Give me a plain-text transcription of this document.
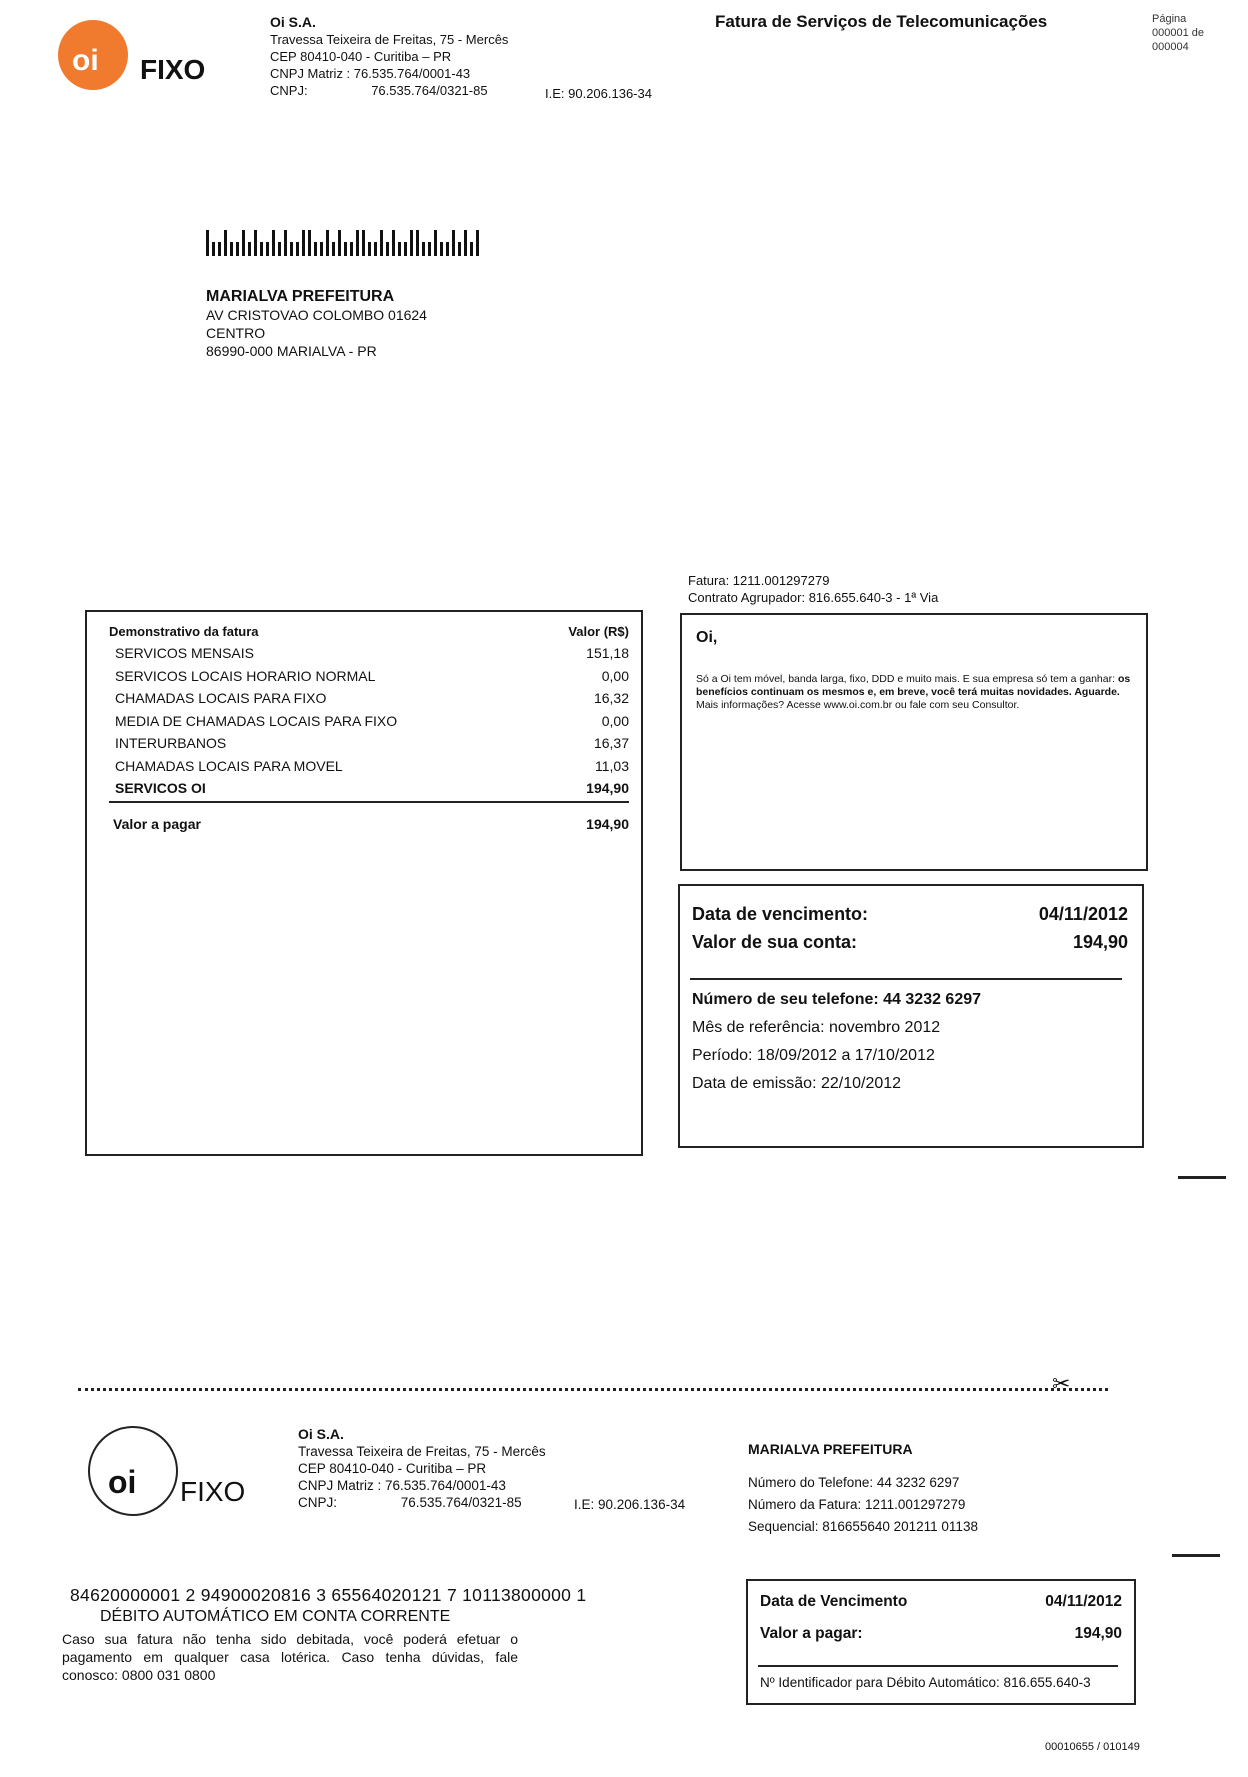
oi FIXO
Oi S.A.
Travessa Teixeira de Freitas, 75 - Mercês
CEP 80410-040 - Curitiba – PR
CNPJ Matriz : 76.535.764/0001-43
CNPJ:	76.535.764/0321-85	I.E: 90.206.136-34
Fatura de Serviços de Telecomunicações	Página
000001 de
000004
MARIALVA PREFEITURA
AV CRISTOVAO COLOMBO 01624
CENTRO
86990-000 MARIALVA - PR
Fatura: 1211.001297279
Contrato Agrupador: 816.655.640-3 - 1ª Via
Demonstrativo da fatura	Valor (R$)
SERVICOS MENSAIS	151,18
SERVICOS LOCAIS HORARIO NORMAL	0,00
CHAMADAS LOCAIS PARA FIXO	16,32
MEDIA DE CHAMADAS LOCAIS PARA FIXO	0,00
INTERURBANOS	16,37
CHAMADAS LOCAIS PARA MOVEL	11,03
SERVICOS OI	194,90
Valor a pagar	194,90
Oi,
Só a Oi tem móvel, banda larga, fixo, DDD e muito mais. E sua empresa só tem a ganhar: os benefícios continuam os mesmos e, em breve, você terá muitas novidades. Aguarde.
Mais informações? Acesse www.oi.com.br ou fale com seu Consultor.
Data de vencimento:	04/11/2012
Valor de sua conta:	194,90
Número de seu telefone: 44 3232 6297
Mês de referência: novembro 2012
Período: 18/09/2012 a 17/10/2012
Data de emissão: 22/10/2012
✂
oi FIXO
Oi S.A.
Travessa Teixeira de Freitas, 75 - Mercês
CEP 80410-040 - Curitiba – PR
CNPJ Matriz : 76.535.764/0001-43
CNPJ:	76.535.764/0321-85	I.E: 90.206.136-34
MARIALVA PREFEITURA
Número do Telefone: 44 3232 6297
Número da Fatura: 1211.001297279
Sequencial: 816655640 201211 01138
84620000001 2 94900020816 3 65564020121 7 10113800000 1
DÉBITO AUTOMÁTICO EM CONTA CORRENTE
Caso sua fatura não tenha sido debitada, você poderá efetuar o pagamento em qualquer casa lotérica. Caso tenha dúvidas, fale conosco: 0800 031 0800
Data de Vencimento	04/11/2012
Valor a pagar:	194,90
Nº Identificador para Débito Automático: 816.655.640-3
00010655 / 010149
